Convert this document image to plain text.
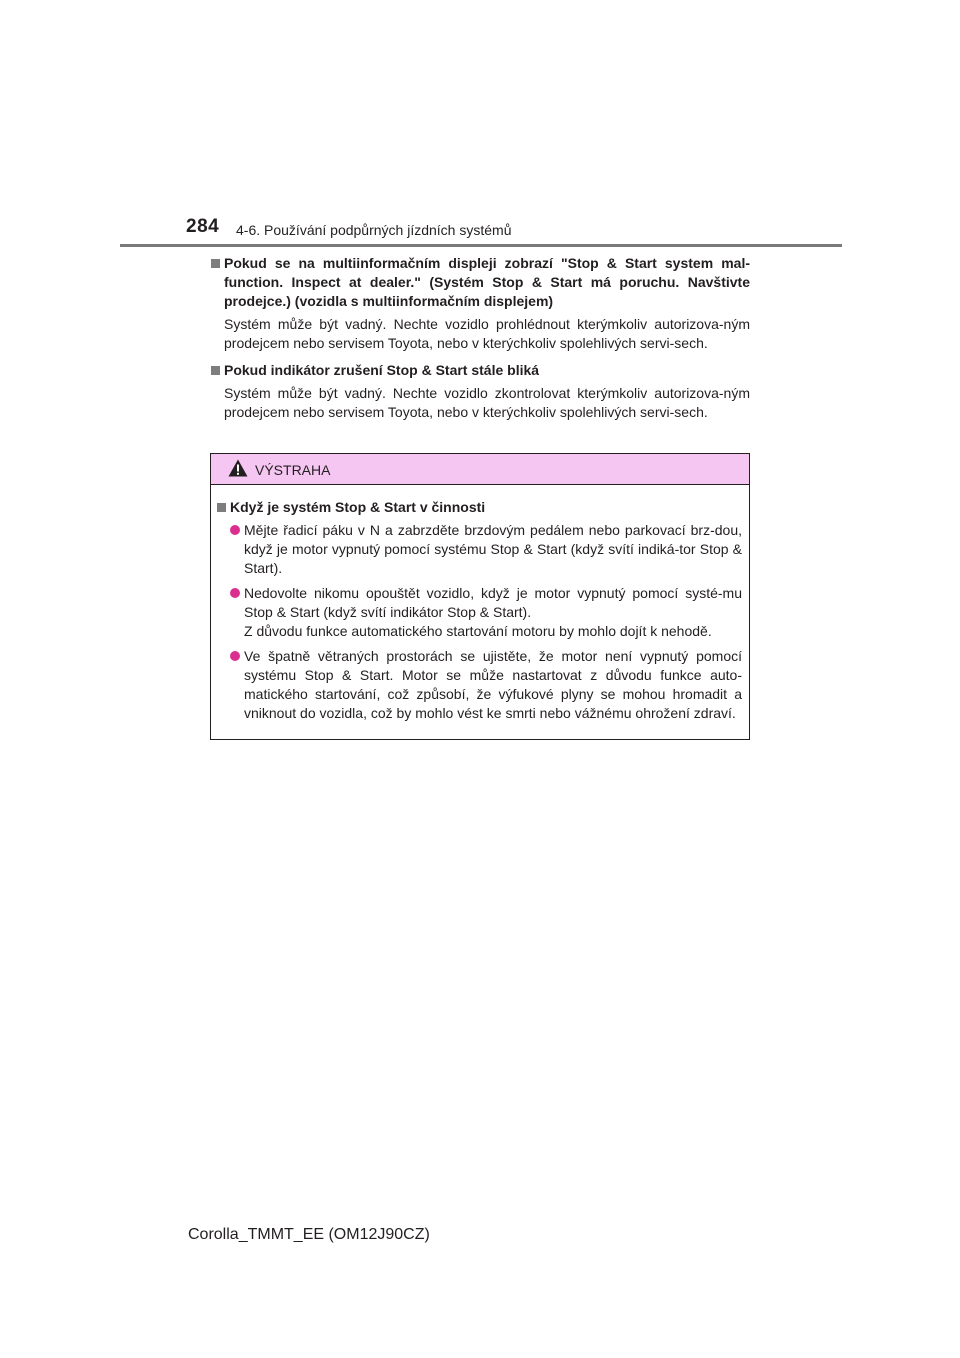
284 4-6. Používání podpůrných jízdních systémů
Pokud se na multiinformačním displeji zobrazí "Stop & Start system mal-function. Inspect at dealer." (Systém Stop & Start má poruchu. Navštivte prodejce.) (vozidla s multiinformačním displejem)
Systém může být vadný. Nechte vozidlo prohlédnout kterýmkoliv autorizova-ným prodejcem nebo servisem Toyota, nebo v kterýchkoliv spolehlivých servi-sech.
Pokud indikátor zrušení Stop & Start stále bliká
Systém může být vadný. Nechte vozidlo zkontrolovat kterýmkoliv autorizova-ným prodejcem nebo servisem Toyota, nebo v kterýchkoliv spolehlivých servi-sech.
VÝSTRAHA
Když je systém Stop & Start v činnosti
Mějte řadicí páku v N a zabrzděte brzdovým pedálem nebo parkovací brz-dou, když je motor vypnutý pomocí systému Stop & Start (když svítí indiká-tor Stop & Start).
Nedovolte nikomu opouštět vozidlo, když je motor vypnutý pomocí systé-mu Stop & Start (když svítí indikátor Stop & Start).
Z důvodu funkce automatického startování motoru by mohlo dojít k nehodě.
Ve špatně větraných prostorách se ujistěte, že motor není vypnutý pomocí systému Stop & Start. Motor se může nastartovat z důvodu funkce auto-matického startování, což způsobí, že výfukové plyny se mohou hromadit a vniknout do vozidla, což by mohlo vést ke smrti nebo vážnému ohrožení zdraví.
Corolla_TMMT_EE (OM12J90CZ)
